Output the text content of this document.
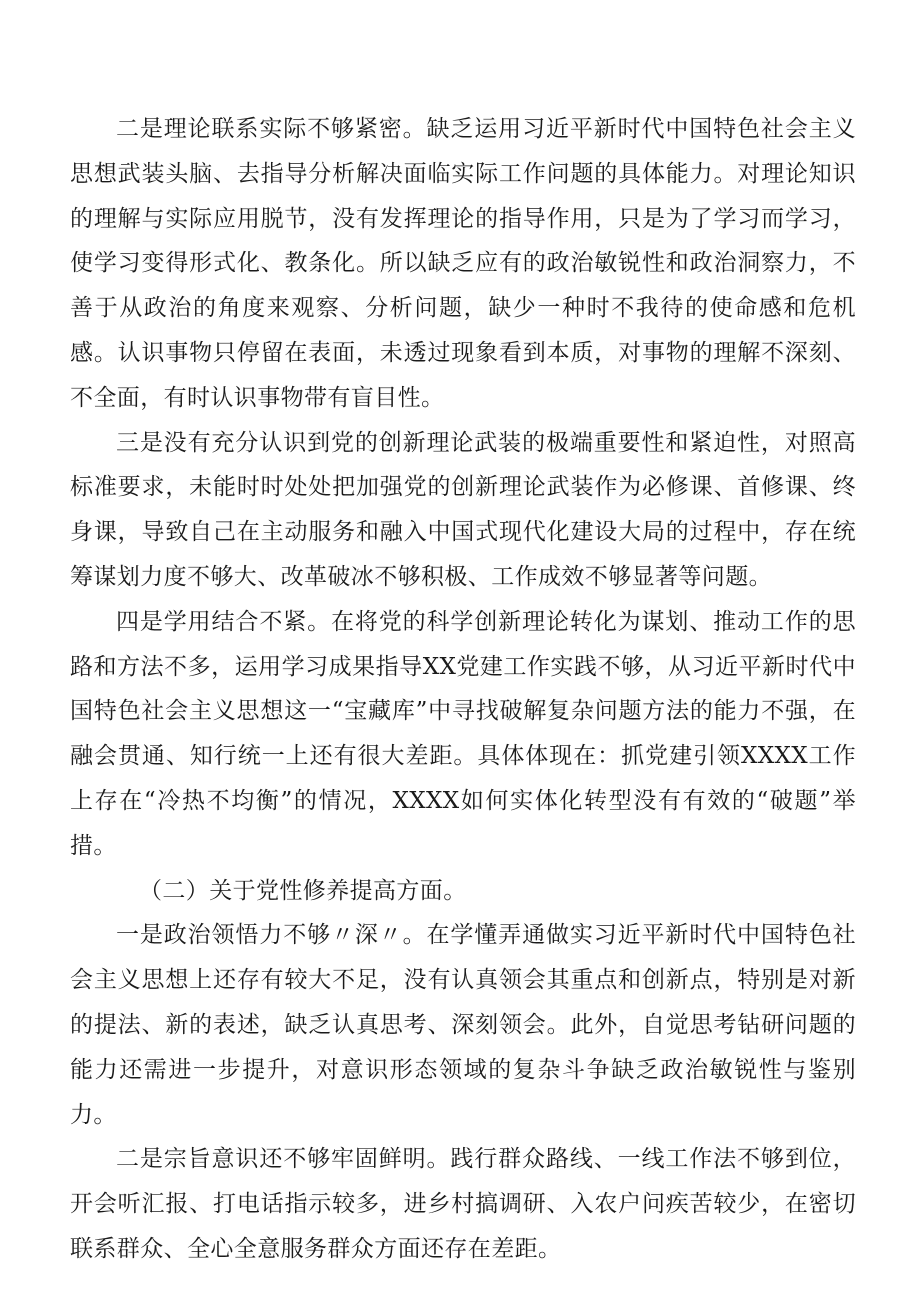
二是理论联系实际不够紧密。缺乏运用习近平新时代中国特色社会主义思想武装头脑、去指导分析解决面临实际工作问题的具体能力。对理论知识的理解与实际应用脱节，没有发挥理论的指导作用，只是为了学习而学习，使学习变得形式化、教条化。所以缺乏应有的政治敏锐性和政治洞察力，不善于从政治的角度来观察、分析问题，缺少一种时不我待的使命感和危机感。认识事物只停留在表面，未透过现象看到本质，对事物的理解不深刻、不全面，有时认识事物带有盲目性。

三是没有充分认识到党的创新理论武装的极端重要性和紧迫性，对照高标准要求，未能时时处处把加强党的创新理论武装作为必修课、首修课、终身课，导致自己在主动服务和融入中国式现代化建设大局的过程中，存在统筹谋划力度不够大、改革破冰不够积极、工作成效不够显著等问题。

四是学用结合不紧。在将党的科学创新理论转化为谋划、推动工作的思路和方法不多，运用学习成果指导XX党建工作实践不够，从习近平新时代中国特色社会主义思想这一“宝藏库”中寻找破解复杂问题方法的能力不强，在融会贯通、知行统一上还有很大差距。具体体现在：抓党建引领XXXX工作上存在“冷热不均衡”的情况，XXXX如何实体化转型没有有效的“破题”举措。

（二）关于党性修养提高方面。

一是政治领悟力不够〃深〃。在学懂弄通做实习近平新时代中国特色社会主义思想上还存有较大不足，没有认真领会其重点和创新点，特别是对新的提法、新的表述，缺乏认真思考、深刻领会。此外，自觉思考钻研问题的能力还需进一步提升，对意识形态领域的复杂斗争缺乏政治敏锐性与鉴别力。

二是宗旨意识还不够牢固鲜明。践行群众路线、一线工作法不够到位，开会听汇报、打电话指示较多，进乡村搞调研、入农户问疾苦较少，在密切联系群众、全心全意服务群众方面还存在差距。
